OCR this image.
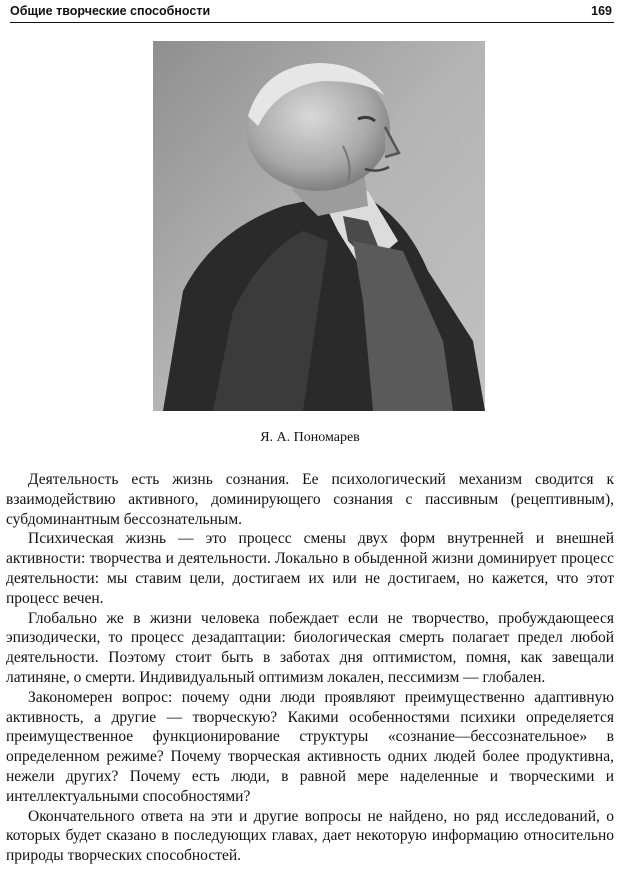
Общие творческие способности	169
Я. А. Пономарев

Деятельность есть жизнь сознания. Ее психологический механизм сводится к взаимодействию активного, доминирующего сознания с пассивным (рецептивным), субдоминантным бессознательным.

Психическая жизнь — это процесс смены двух форм внутренней и внешней активности: творчества и деятельности. Локально в обыденной жизни доминирует процесс деятельности: мы ставим цели, достигаем их или не достигаем, но кажется, что этот процесс вечен.

Глобально же в жизни человека побеждает если не творчество, пробуждающееся эпизодически, то процесс дезадаптации: биологическая смерть полагает предел любой деятельности. Поэтому стоит быть в заботах дня оптимистом, помня, как завещали латиняне, о смерти. Индивидуальный оптимизм локален, пессимизм — глобален.

Закономерен вопрос: почему одни люди проявляют преимущественно адаптивную активность, а другие — творческую? Какими особенностями психики определяется преимущественное функционирование структуры «сознание—бессознательное» в определенном режиме? Почему творческая активность одних людей более продуктивна, нежели других? Почему есть люди, в равной мере наделенные и творческими и интеллектуальными способностями?

Окончательного ответа на эти и другие вопросы не найдено, но ряд исследований, о которых будет сказано в последующих главах, дает некоторую информацию относительно природы творческих способностей.
